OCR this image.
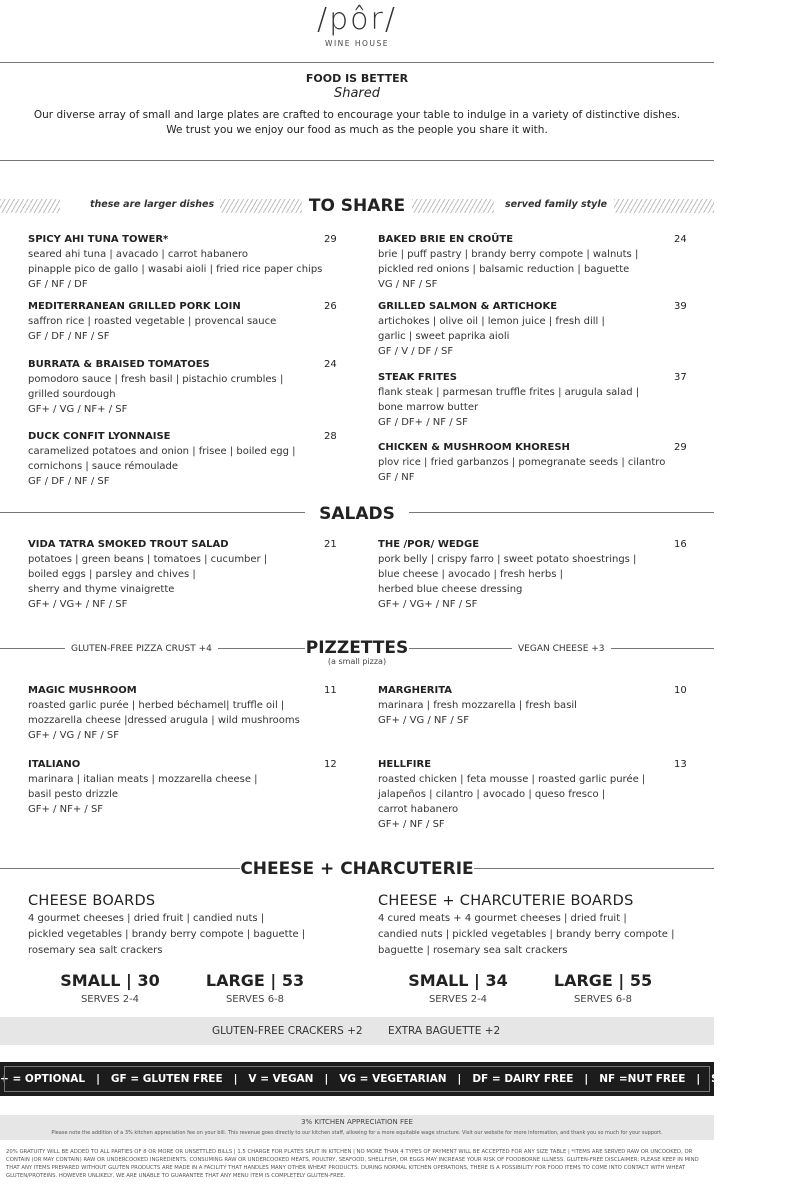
/pôr/
WINE HOUSE
FOOD IS BETTER
Shared
Our diverse array of small and large plates are crafted to encourage your table to indulge in a variety of distinctive dishes.
We trust you we enjoy our food as much as the people you share it with.
these are larger dishes	TO SHARE	served family style
SPICY AHI TUNA TOWER*	29
seared ahi tuna | avacado | carrot habanero
pinapple pico de gallo | wasabi aioli | fried rice paper chips
GF / NF / DF
MEDITERRANEAN GRILLED PORK LOIN	26
saffron rice | roasted vegetable | provencal sauce
GF / DF / NF / SF
BURRATA & BRAISED TOMATOES	24
pomodoro sauce | fresh basil | pistachio crumbles |
grilled sourdough
GF+ / VG / NF+ / SF
DUCK CONFIT LYONNAISE	28
caramelized potatoes and onion | frisee | boiled egg |
cornichons | sauce rémoulade
GF / DF / NF / SF
BAKED BRIE EN CROÛTE	24
brie | puff pastry | brandy berry compote | walnuts |
pickled red onions | balsamic reduction | baguette
VG / NF / SF
GRILLED SALMON & ARTICHOKE	39
artichokes | olive oil | lemon juice | fresh dill |
garlic | sweet paprika aioli
GF / V / DF / SF
STEAK FRITES	37
flank steak | parmesan truffle frites | arugula salad |
bone marrow butter
GF / DF+ / NF / SF
CHICKEN & MUSHROOM KHORESH	29
plov rice | fried garbanzos | pomegranate seeds | cilantro
GF / NF
SALADS
VIDA TATRA SMOKED TROUT SALAD	21
potatoes | green beans | tomatoes | cucumber |
boiled eggs | parsley and chives |
sherry and thyme vinaigrette
GF+ / VG+ / NF / SF
THE /POR/ WEDGE	16
pork belly | crispy farro | sweet potato shoestrings |
blue cheese | avocado | fresh herbs |
herbed blue cheese dressing
GF+ / VG+ / NF / SF
GLUTEN-FREE PIZZA CRUST +4	PIZZETTES
(a small pizza)
VEGAN CHEESE +3
MAGIC MUSHROOM	11
roasted garlic purée | herbed béchamel| truffle oil |
mozzarella cheese |dressed arugula | wild mushrooms
GF+ / VG / NF / SF
ITALIANO	12
marinara | italian meats | mozzarella cheese |
basil pesto drizzle
GF+ / NF+ / SF
MARGHERITA	10
marinara | fresh mozzarella | fresh basil
GF+ / VG / NF / SF
HELLFIRE	13
roasted chicken | feta mousse | roasted garlic purée |
jalapeños | cilantro | avocado | queso fresco |
carrot habanero
GF+ / NF / SF
CHEESE + CHARCUTERIE
CHEESE BOARDS
4 gourmet cheeses | dried fruit | candied nuts |
pickled vegetables | brandy berry compote | baguette |
rosemary sea salt crackers
SMALL | 30
SERVES 2-4
LARGE | 53
SERVES 6-8
CHEESE + CHARCUTERIE BOARDS
4 cured meats + 4 gourmet cheeses | dried fruit |
candied nuts | pickled vegetables | brandy berry compote |
baguette | rosemary sea salt crackers
SMALL | 34
SERVES 2-4
LARGE | 55
SERVES 6-8
GLUTEN-FREE CRACKERS +2 EXTRA BAGUETTE +2
+ = OPTIONAL   |   GF = GLUTEN FREE   |   V = VEGAN   |   VG = VEGETARIAN   |   DF = DAIRY FREE   |   NF =NUT FREE   |   SF = SOY FREE
3% KITCHEN APPRECIATION FEE
Please note the addition of a 3% kitchen appreciation fee on your bill. This revenue goes directly to our kitchen staff, allowing for a more equitable wage structure. Visit our website for more information, and thank you so much for your support.
20% GRATUITY WILL BE ADDED TO ALL PARTIES OF 8 OR MORE OR UNSETTLED BILLS | 1.5 CHARGE FOR PLATES SPLIT IN KITCHEN | NO MORE THAN 4 TYPES OF PAYMENT WILL BE ACCEPTED FOR ANY SIZE TABLE | *ITEMS ARE SERVED RAW OR UNCOOKED, OR CONTAIN (OR MAY CONTAIN) RAW OR UNDERCOOKED INGREDIENTS. CONSUMING RAW OR UNDERCOOKED MEATS, POULTRY, SEAFOOD, SHELLFISH, OR EGGS MAY INCREASE YOUR RISK OF FOODBORNE ILLNESS. GLUTEN-FREE DISCLAIMER: PLEASE KEEP IN MIND THAT ANY ITEMS PREPARED WITHOUT GLUTEN PRODUCTS ARE MADE IN A FACILITY THAT HANDLES MANY OTHER WHEAT PRODUCTS. DURING NORMAL KITCHEN OPERATIONS, THERE IS A POSSIBILITY FOR FOOD ITEMS TO COME INTO CONTACT WITH WHEAT GLUTEN/PROTEINS. HOWEVER UNLIKELY, WE ARE UNABLE TO GUARANTEE THAT ANY MENU ITEM IS COMPLETELY GLUTEN-FREE.
